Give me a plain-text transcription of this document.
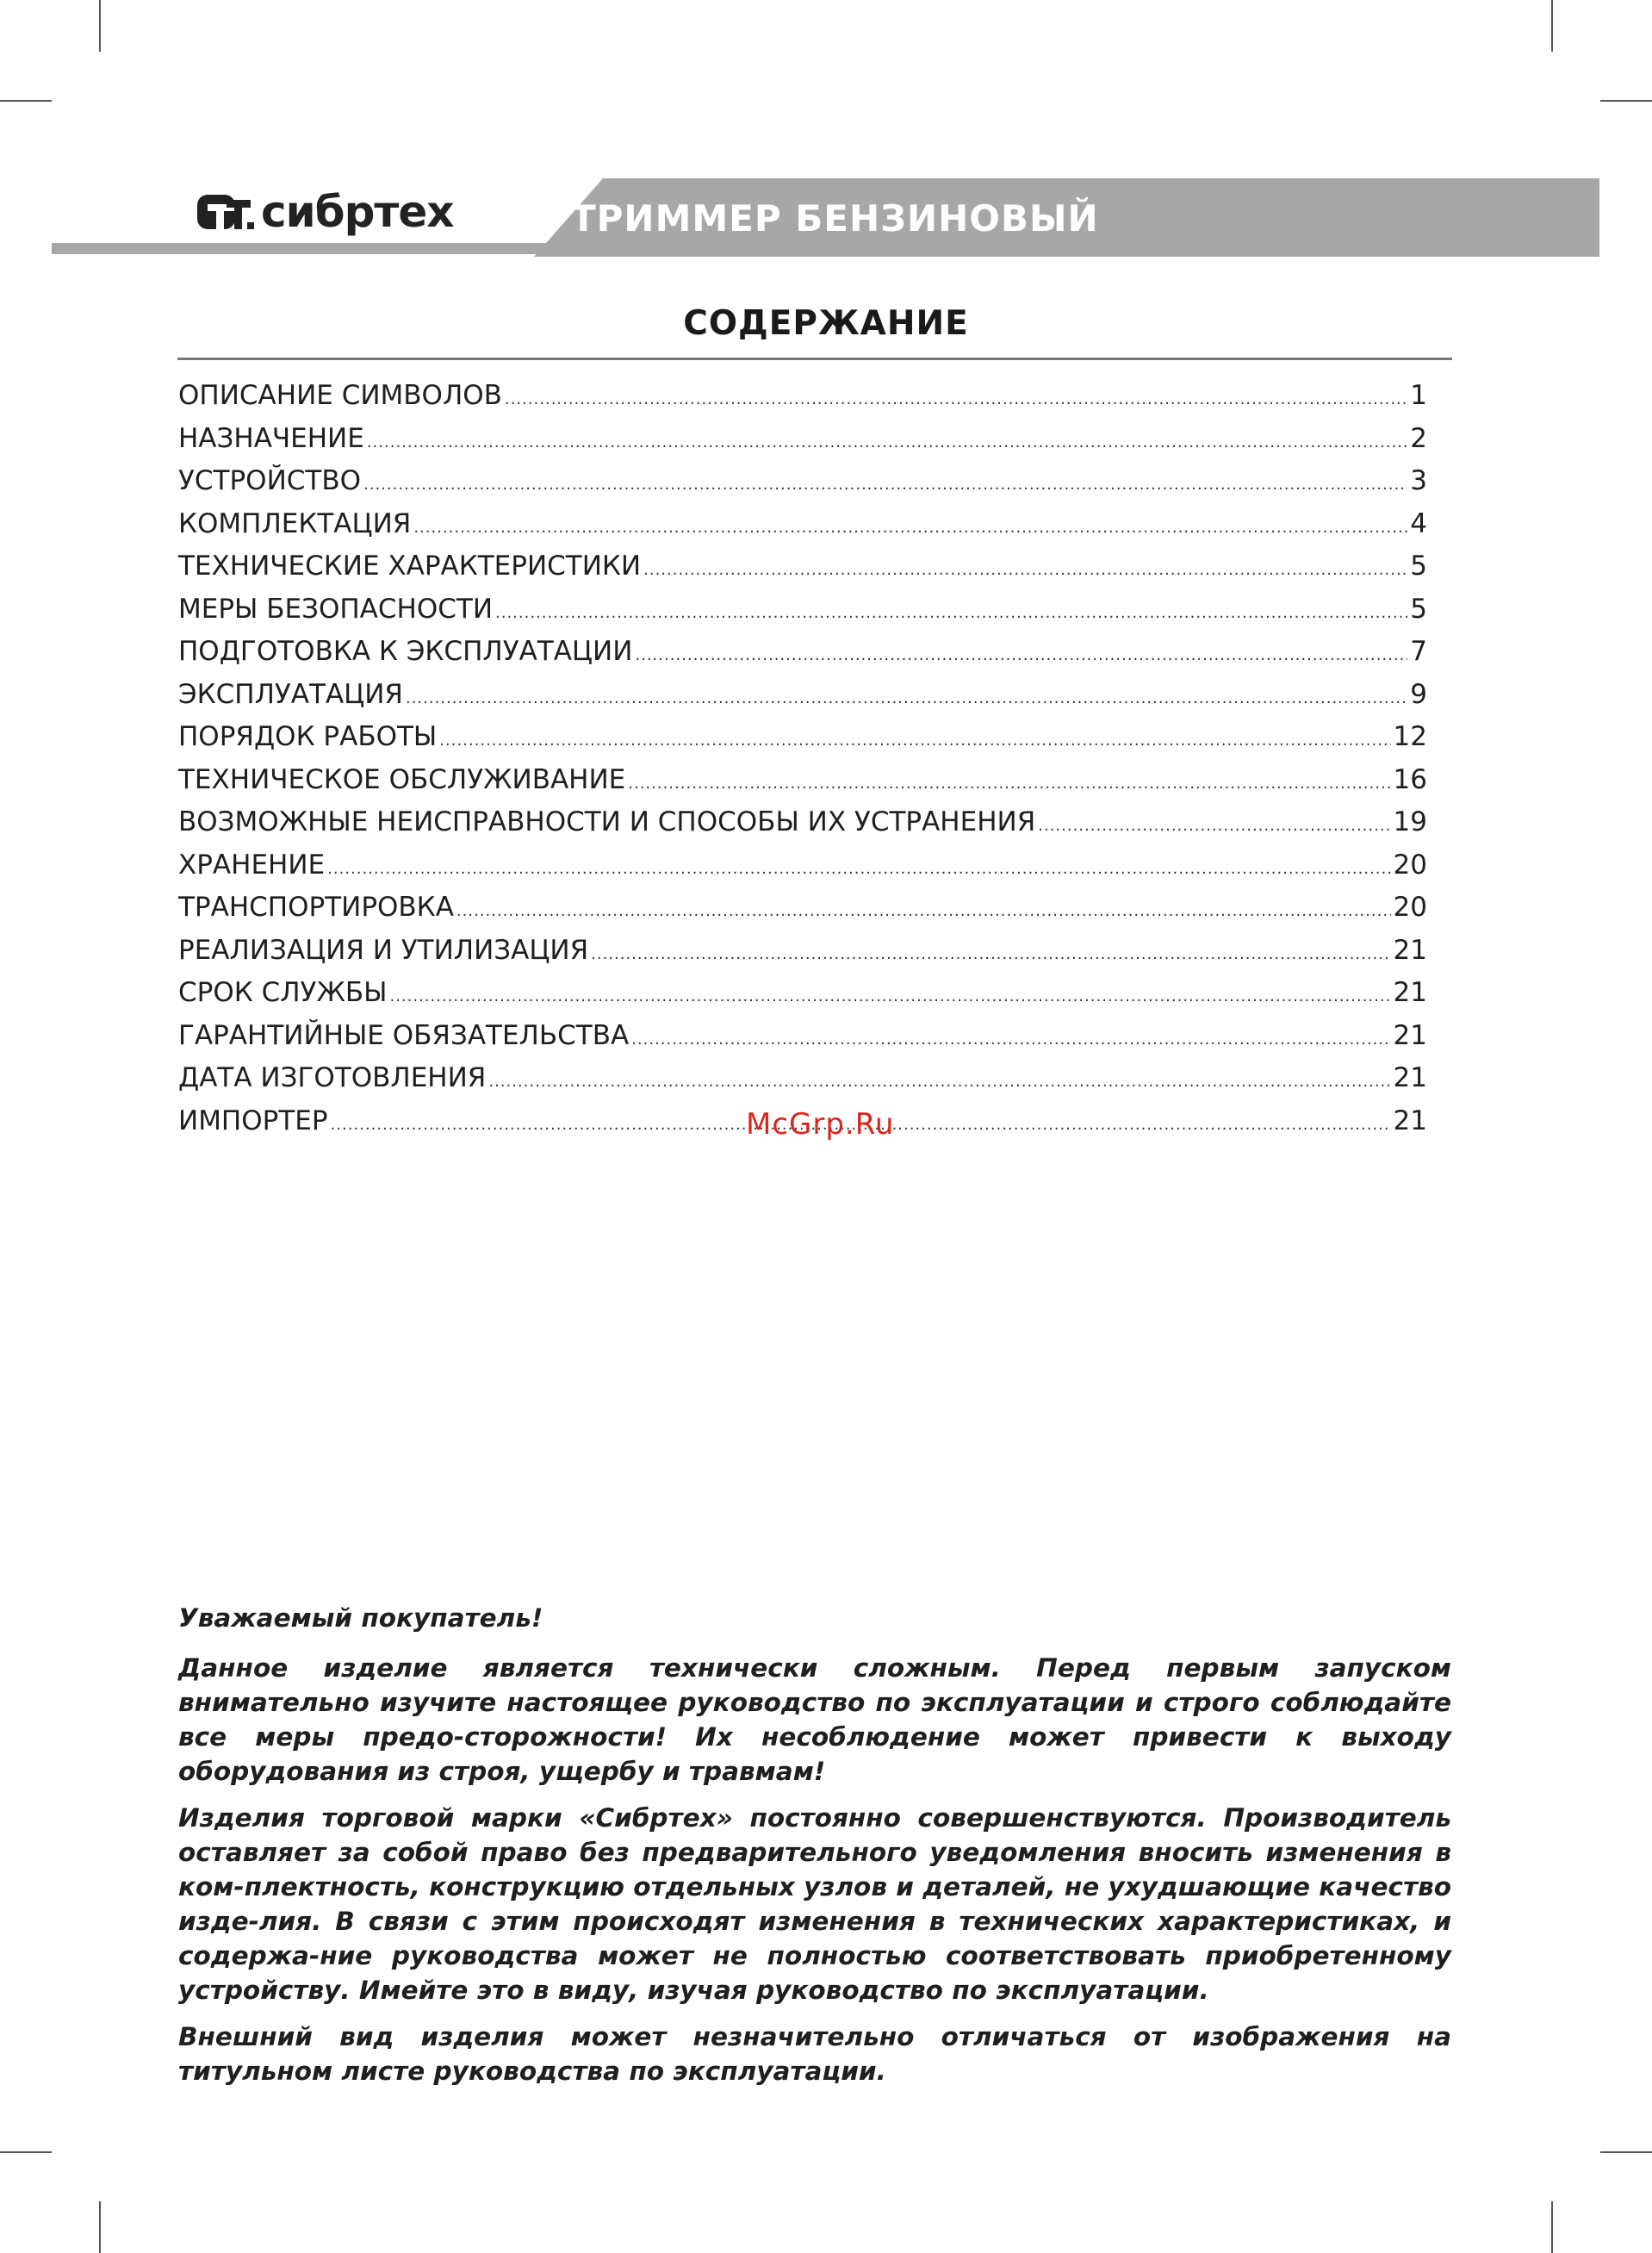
сибртех	ТРИММЕР БЕНЗИНОВЫЙ
СОДЕРЖАНИЕ
ОПИСАНИЕ СИМВОЛОВ .....	1
НАЗНАЧЕНИЕ .....	2
УСТРОЙСТВО .....	3
КОМПЛЕКТАЦИЯ .....	4
ТЕХНИЧЕСКИЕ ХАРАКТЕРИСТИКИ .....	5
МЕРЫ БЕЗОПАСНОСТИ .....	5
ПОДГОТОВКА К ЭКСПЛУАТАЦИИ .....	7
ЭКСПЛУАТАЦИЯ .....	9
ПОРЯДОК РАБОТЫ .....	12
ТЕХНИЧЕСКОЕ ОБСЛУЖИВАНИЕ .....	16
ВОЗМОЖНЫЕ НЕИСПРАВНОСТИ И СПОСОБЫ ИХ УСТРАНЕНИЯ .....	19
ХРАНЕНИЕ .....	20
ТРАНСПОРТИРОВКА .....	20
РЕАЛИЗАЦИЯ И УТИЛИЗАЦИЯ .....	21
СРОК СЛУЖБЫ .....	21
ГАРАНТИЙНЫЕ ОБЯЗАТЕЛЬСТВА .....	21
ДАТА ИЗГОТОВЛЕНИЯ .....	21
ИМПОРТЕР .....	21
McGrp.Ru

Уважаемый покупатель!

Данное изделие является технически сложным. Перед первым запуском внимательно изучите настоящее руководство по эксплуатации и строго соблюдайте все меры предо-сторожности! Их несоблюдение может привести к выходу оборудования из строя, ущербу и травмам!

Изделия торговой марки «Сибртех» постоянно совершенствуются. Производитель оставляет за собой право без предварительного уведомления вносить изменения в ком-плектность, конструкцию отдельных узлов и деталей, не ухудшающие качество изде-лия. В связи с этим происходят изменения в технических характеристиках, и содержа-ние руководства может не полностью соответствовать приобретенному устройству. Имейте это в виду, изучая руководство по эксплуатации.

Внешний вид изделия может незначительно отличаться от изображения на титульном листе руководства по эксплуатации.
